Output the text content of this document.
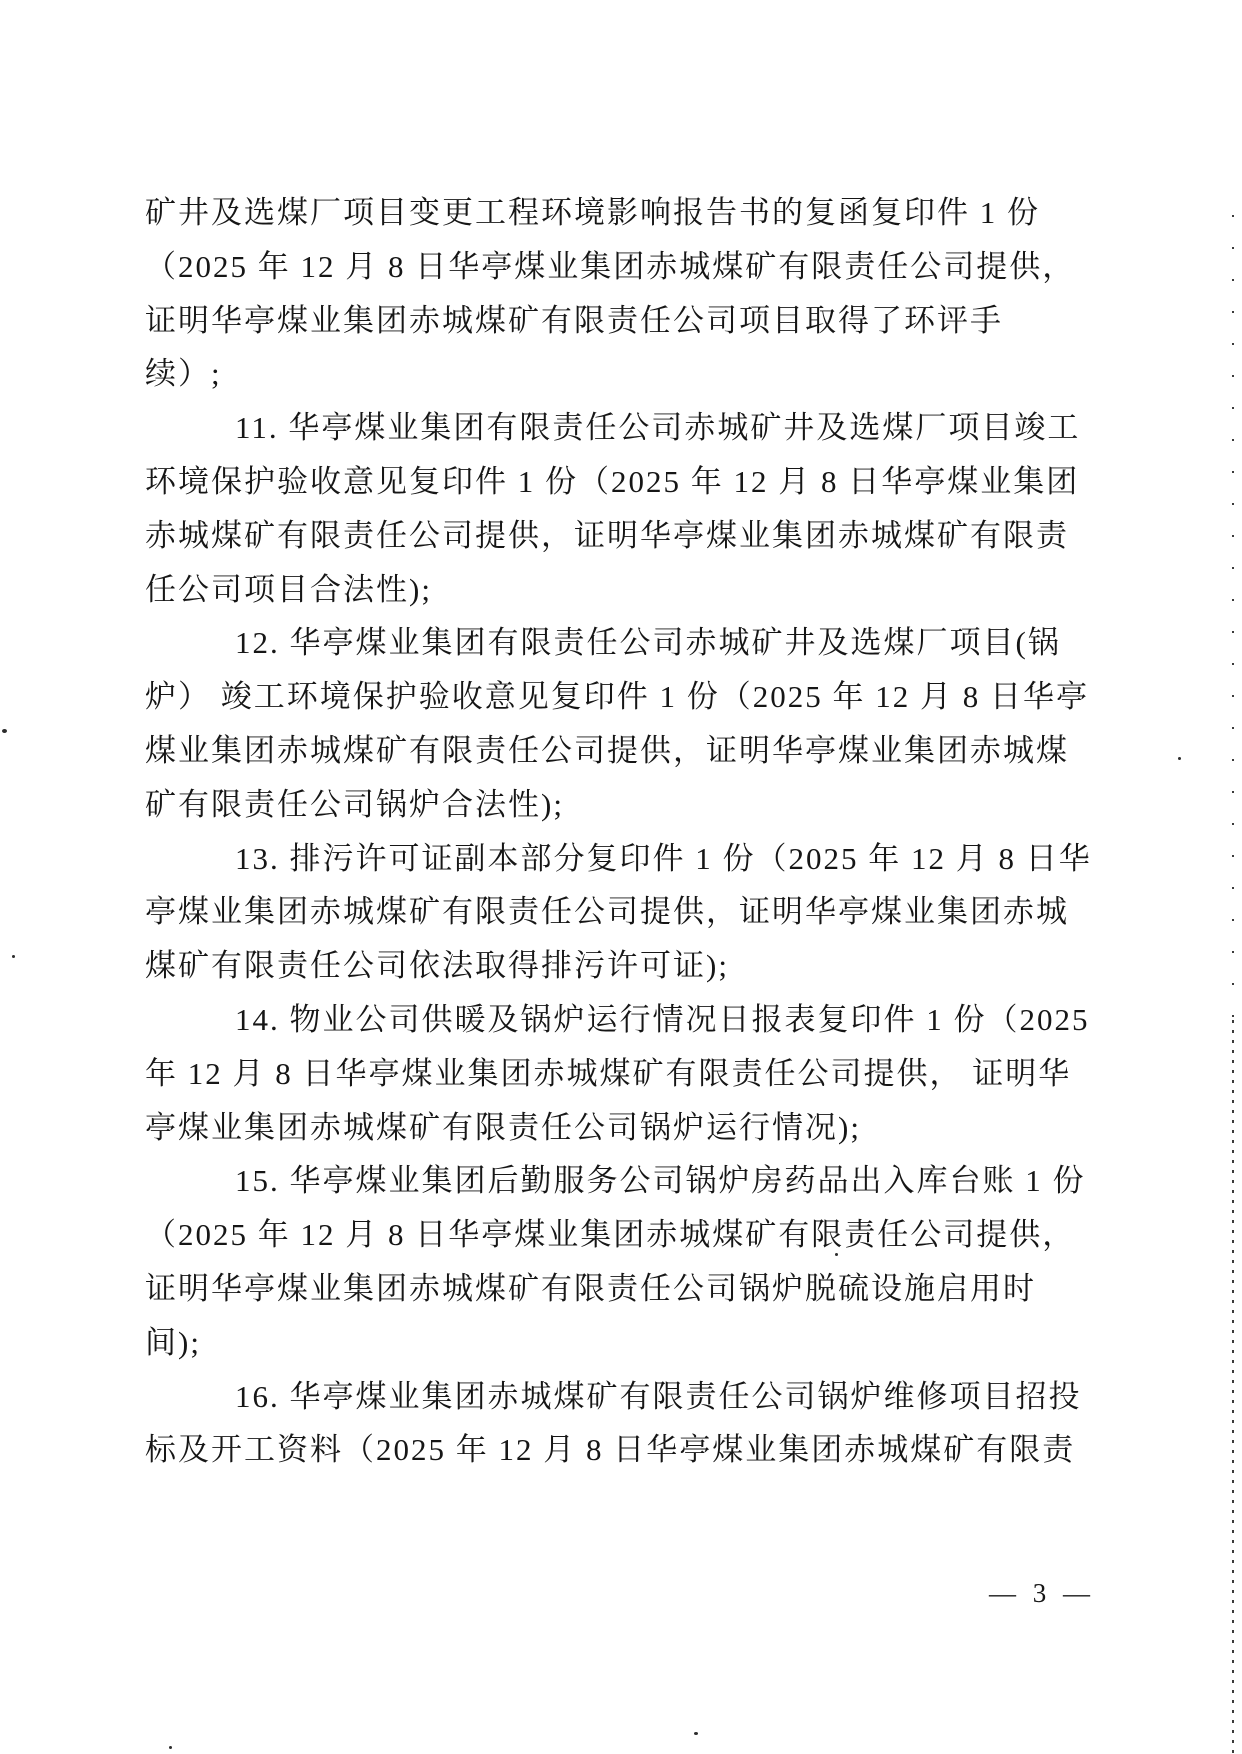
矿井及选煤厂项目变更工程环境影响报告书的复函复印件 1 份
（2025 年 12 月 8 日华亭煤业集团赤城煤矿有限责任公司提供，
证明华亭煤业集团赤城煤矿有限责任公司项目取得了环评手
续）;
11. 华亭煤业集团有限责任公司赤城矿井及选煤厂项目竣工
环境保护验收意见复印件 1 份（2025 年 12 月 8 日华亭煤业集团
赤城煤矿有限责任公司提供，证明华亭煤业集团赤城煤矿有限责
任公司项目合法性);
12. 华亭煤业集团有限责任公司赤城矿井及选煤厂项目(锅
炉） 竣工环境保护验收意见复印件 1 份（2025 年 12 月 8 日华亭
煤业集团赤城煤矿有限责任公司提供，证明华亭煤业集团赤城煤
矿有限责任公司锅炉合法性);
13. 排污许可证副本部分复印件 1 份（2025 年 12 月 8 日华
亭煤业集团赤城煤矿有限责任公司提供，证明华亭煤业集团赤城
煤矿有限责任公司依法取得排污许可证);
14. 物业公司供暖及锅炉运行情况日报表复印件 1 份（2025
年 12 月 8 日华亭煤业集团赤城煤矿有限责任公司提供， 证明华
亭煤业集团赤城煤矿有限责任公司锅炉运行情况);
15. 华亭煤业集团后勤服务公司锅炉房药品出入库台账 1 份
（2025 年 12 月 8 日华亭煤业集团赤城煤矿有限责任公司提供，
证明华亭煤业集团赤城煤矿有限责任公司锅炉脱硫设施启用时
间);
16. 华亭煤业集团赤城煤矿有限责任公司锅炉维修项目招投
标及开工资料（2025 年 12 月 8 日华亭煤业集团赤城煤矿有限责
— 3 —
